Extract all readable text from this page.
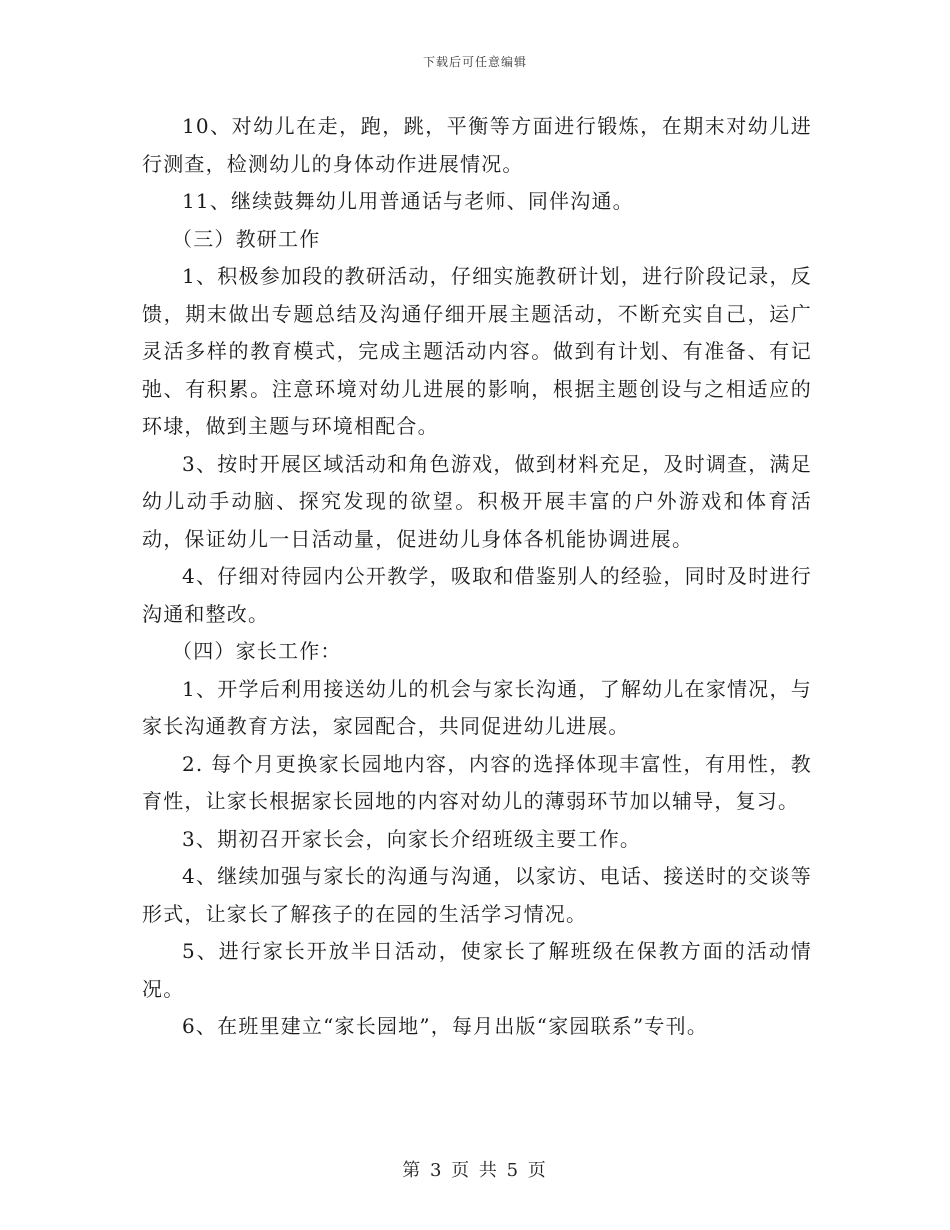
下载后可任意编辑

10、对幼儿在走，跑，跳，平衡等方面进行锻炼，在期末对幼儿进行测查，检测幼儿的身体动作进展情况。

11、继续鼓舞幼儿用普通话与老师、同伴沟通。

（三）教研工作

1、积极参加段的教研活动，仔细实施教研计划，进行阶段记录，反馈，期末做出专题总结及沟通仔细开展主题活动，不断充实自己，运广灵活多样的教育模式，完成主题活动内容。做到有计划、有准备、有记弛、有积累。注意环境对幼儿进展的影响，根据主题创设与之相适应的环埭，做到主题与环境相配合。

3、按时开展区域活动和角色游戏，做到材料充足，及时调查，满足幼儿动手动脑、探究发现的欲望。积极开展丰富的户外游戏和体育活动，保证幼儿一日活动量，促进幼儿身体各机能协调进展。

4、仔细对待园内公开教学，吸取和借鉴别人的经验，同时及时进行沟通和整改。

（四）家长工作：

1、开学后利用接送幼儿的机会与家长沟通，了解幼儿在家情况，与家长沟通教育方法，家园配合，共同促进幼儿进展。

2. 每个月更换家长园地内容，内容的选择体现丰富性，有用性，教育性，让家长根据家长园地的内容对幼儿的薄弱环节加以辅导，复习。

3、期初召开家长会，向家长介绍班级主要工作。

4、继续加强与家长的沟通与沟通，以家访、电话、接送时的交谈等形式，让家长了解孩子的在园的生活学习情况。

5、进行家长开放半日活动，使家长了解班级在保教方面的活动情况。

6、在班里建立“家长园地”，每月出版“家园联系”专刊。

第 3 页 共 5 页
